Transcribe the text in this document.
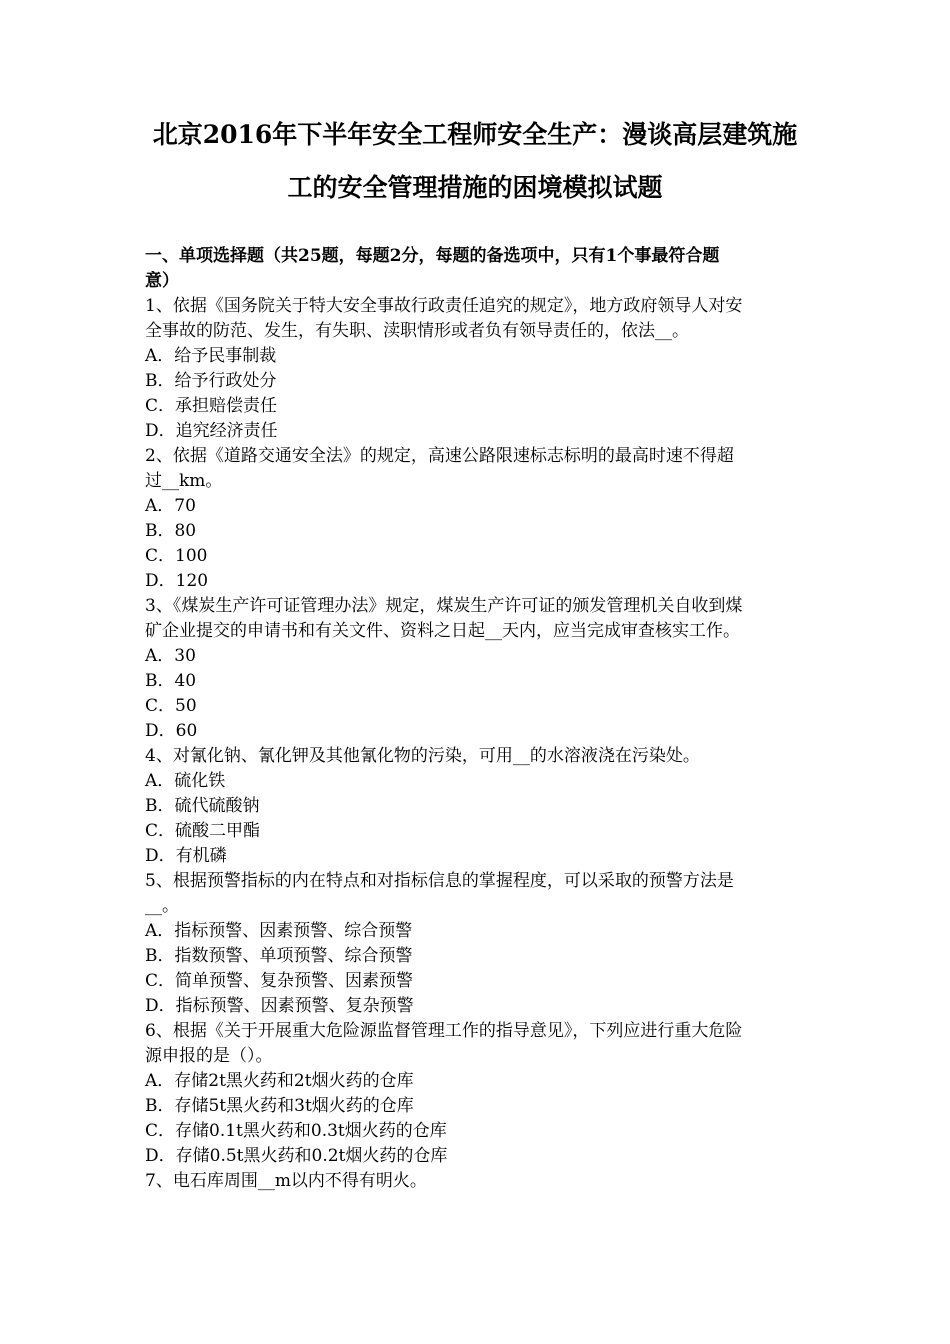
北京2016年下半年安全工程师安全生产：漫谈高层建筑施
工的安全管理措施的困境模拟试题
一、单项选择题（共25题，每题2分，每题的备选项中，只有1个事最符合题
意）
1、依据《国务院关于特大安全事故行政责任追究的规定》，地方政府领导人对安
全事故的防范、发生，有失职、渎职情形或者负有领导责任的，依法__。
A．给予民事制裁
B．给予行政处分
C．承担赔偿责任
D．追究经济责任
2、依据《道路交通安全法》的规定，高速公路限速标志标明的最高时速不得超
过__km。
A．70
B．80
C．100
D．120
3、《煤炭生产许可证管理办法》规定，煤炭生产许可证的颁发管理机关自收到煤
矿企业提交的申请书和有关文件、资料之日起__天内，应当完成审查核实工作。
A．30
B．40
C．50
D．60
4、对氰化钠、氰化钾及其他氰化物的污染，可用__的水溶液浇在污染处。
A．硫化铁
B．硫代硫酸钠
C．硫酸二甲酯
D．有机磷
5、根据预警指标的内在特点和对指标信息的掌握程度，可以采取的预警方法是
__。
A．指标预警、因素预警、综合预警
B．指数预警、单项预警、综合预警
C．简单预警、复杂预警、因素预警
D．指标预警、因素预警、复杂预警
6、根据《关于开展重大危险源监督管理工作的指导意见》，下列应进行重大危险
源申报的是（）。
A．存储2t黑火药和2t烟火药的仓库
B．存储5t黑火药和3t烟火药的仓库
C．存储0.1t黑火药和0.3t烟火药的仓库
D．存储0.5t黑火药和0.2t烟火药的仓库
7、电石库周围__m以内不得有明火。
